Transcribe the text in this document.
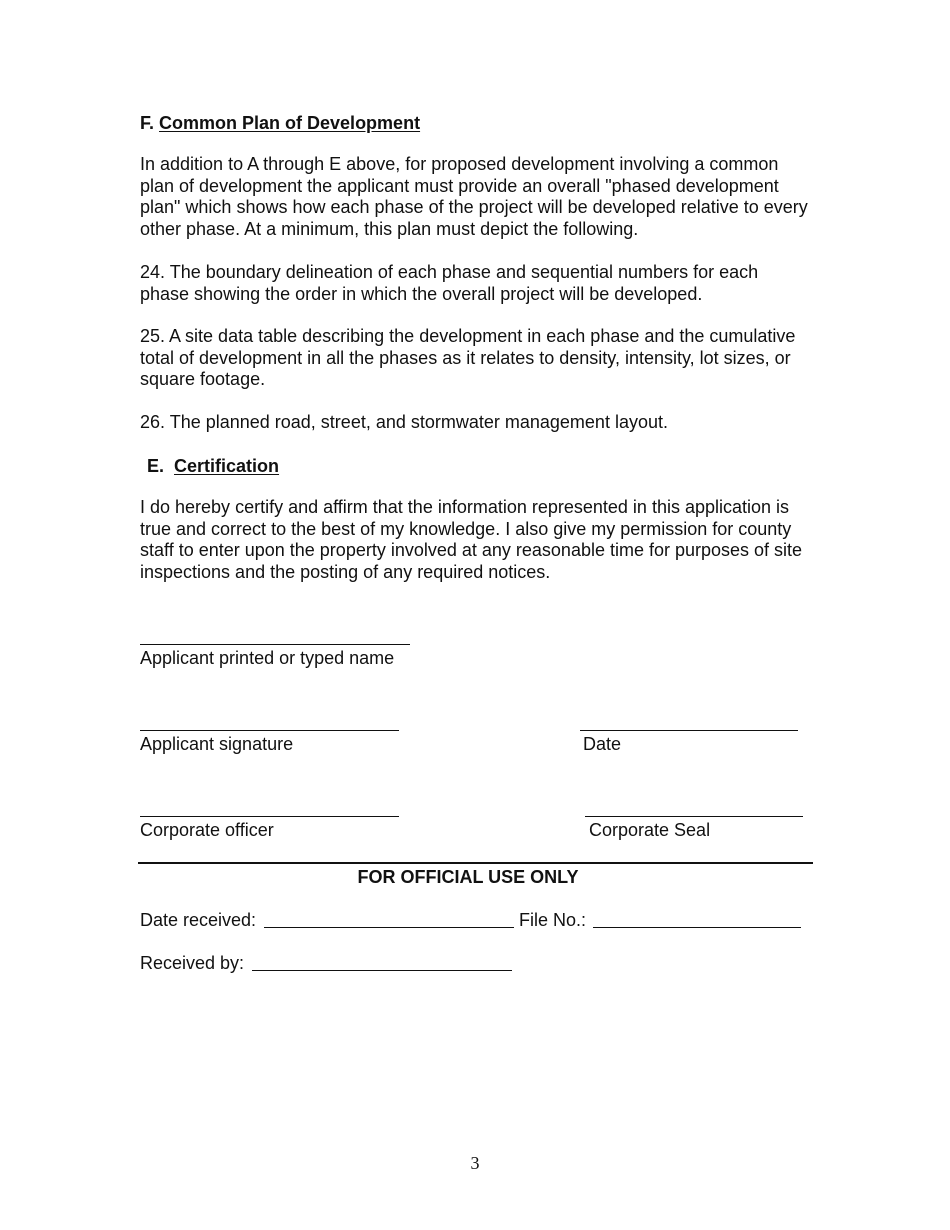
F. Common Plan of Development

In addition to A through E above, for proposed development involving a common plan of development the applicant must provide an overall "phased development plan" which shows how each phase of the project will be developed relative to every other phase. At a minimum, this plan must depict the following.

24. The boundary delineation of each phase and sequential numbers for each phase showing the order in which the overall project will be developed.

25. A site data table describing the development in each phase and the cumulative total of development in all the phases as it relates to density, intensity, lot sizes, or square footage.

26. The planned road, street, and stormwater management layout.

E. Certification

I do hereby certify and affirm that the information represented in this application is true and correct to the best of my knowledge. I also give my permission for county staff to enter upon the property involved at any reasonable time for purposes of site inspections and the posting of any required notices.

Applicant printed or typed name
Applicant signature	Date
Corporate officer	Corporate Seal
FOR OFFICIAL USE ONLY
Date received:	File No.:
Received by:
3
